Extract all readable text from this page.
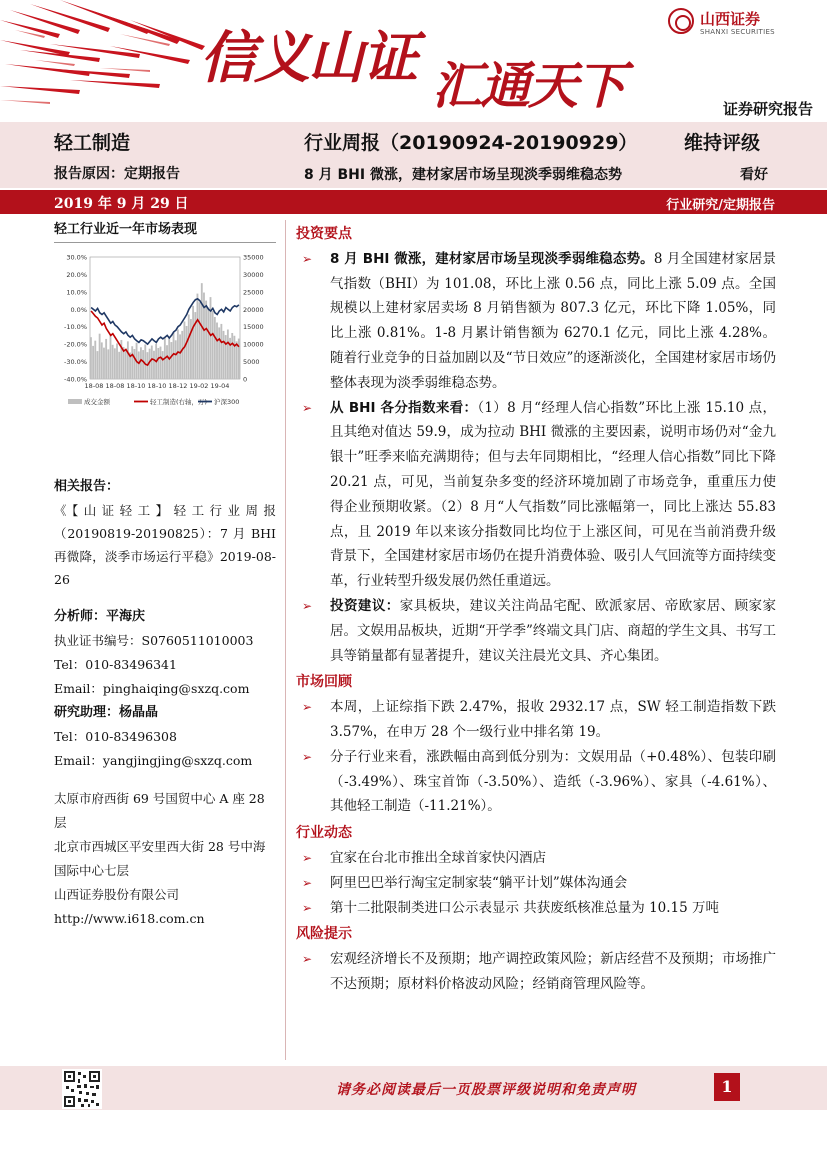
信义山证 汇通天下
山西证券
SHANXI SECURITIES
证券研究报告
轻工制造	行业周报（20190924-20190929） 维持评级
报告原因：定期报告	8 月 BHI 微涨，建材家居市场呈现淡季弱维稳态势	看好
2019 年 9 月 29 日	行业研究/定期报告
轻工行业近一年市场表现
30.0%
20.0%
10.0%
0.0%
-10.0%
-20.0%
-30.0%
-40.0%
35000
30000
25000
20000
15000
10000
5000
0
18-08 18-08 18-10 18-10 18-12 19-02 19-04
成交金额	轻工制造(右轴，万) 沪深300
相关报告：
《【山证轻工】轻工行业周报（20190819-20190825）：7 月 BHI 再微降，淡季市场运行平稳》2019-08-26
分析师：平海庆
执业证书编号：S0760511010003
Tel：010-83496341
Email：pinghaiqing@sxzq.com
研究助理：杨晶晶
Tel：010-83496308
Email：yangjingjing@sxzq.com
太原市府西街 69 号国贸中心 A 座 28 层
北京市西城区平安里西大街 28 号中海国际中心七层
山西证券股份有限公司
http://www.i618.com.cn
投资要点
➢ 8 月 BHI 微涨，建材家居市场呈现淡季弱维稳态势。8 月全国建材家居景气指数（BHI）为 101.08，环比上涨 0.56 点，同比上涨 5.09 点。全国规模以上建材家居卖场 8 月销售额为 807.3 亿元，环比下降 1.05%，同比上涨 0.81%。1-8 月累计销售额为 6270.1 亿元，同比上涨 4.28%。随着行业竞争的日益加剧以及“节日效应”的逐渐淡化，全国建材家居市场仍整体表现为淡季弱维稳态势。
➢ 从 BHI 各分指数来看：（1）8 月“经理人信心指数”环比上涨 15.10 点，且其绝对值达 59.9，成为拉动 BHI 微涨的主要因素，说明市场仍对“金九银十”旺季来临充满期待；但与去年同期相比，“经理人信心指数”同比下降 20.21 点，可见，当前复杂多变的经济环境加剧了市场竞争，重重压力使得企业预期收紧。（2）8 月“人气指数”同比涨幅第一，同比上涨达 55.83 点，且 2019 年以来该分指数同比均位于上涨区间，可见在当前消费升级背景下，全国建材家居市场仍在提升消费体验、吸引人气回流等方面持续变革，行业转型升级发展仍然任重道远。
➢ 投资建议：家具板块，建议关注尚品宅配、欧派家居、帝欧家居、顾家家居。文娱用品板块，近期“开学季”终端文具门店、商超的学生文具、书写工具等销量都有显著提升，建议关注晨光文具、齐心集团。
市场回顾
➢ 本周，上证综指下跌 2.47%，报收 2932.17 点，SW 轻工制造指数下跌 3.57%，在申万 28 个一级行业中排名第 19。
➢ 分子行业来看，涨跌幅由高到低分别为：文娱用品（+0.48%）、包装印刷（-3.49%）、珠宝首饰（-3.50%）、造纸（-3.96%）、家具（-4.61%）、其他轻工制造（-11.21%）。
行业动态
➢ 宜家在台北市推出全球首家快闪酒店
➢ 阿里巴巴举行淘宝定制家装“躺平计划”媒体沟通会
➢ 第十二批限制类进口公示表显示 共获废纸核准总量为 10.15 万吨
风险提示
➢ 宏观经济增长不及预期；地产调控政策风险；新店经营不及预期；市场推广不达预期；原材料价格波动风险；经销商管理风险等。
请务必阅读最后一页股票评级说明和免责声明	1
